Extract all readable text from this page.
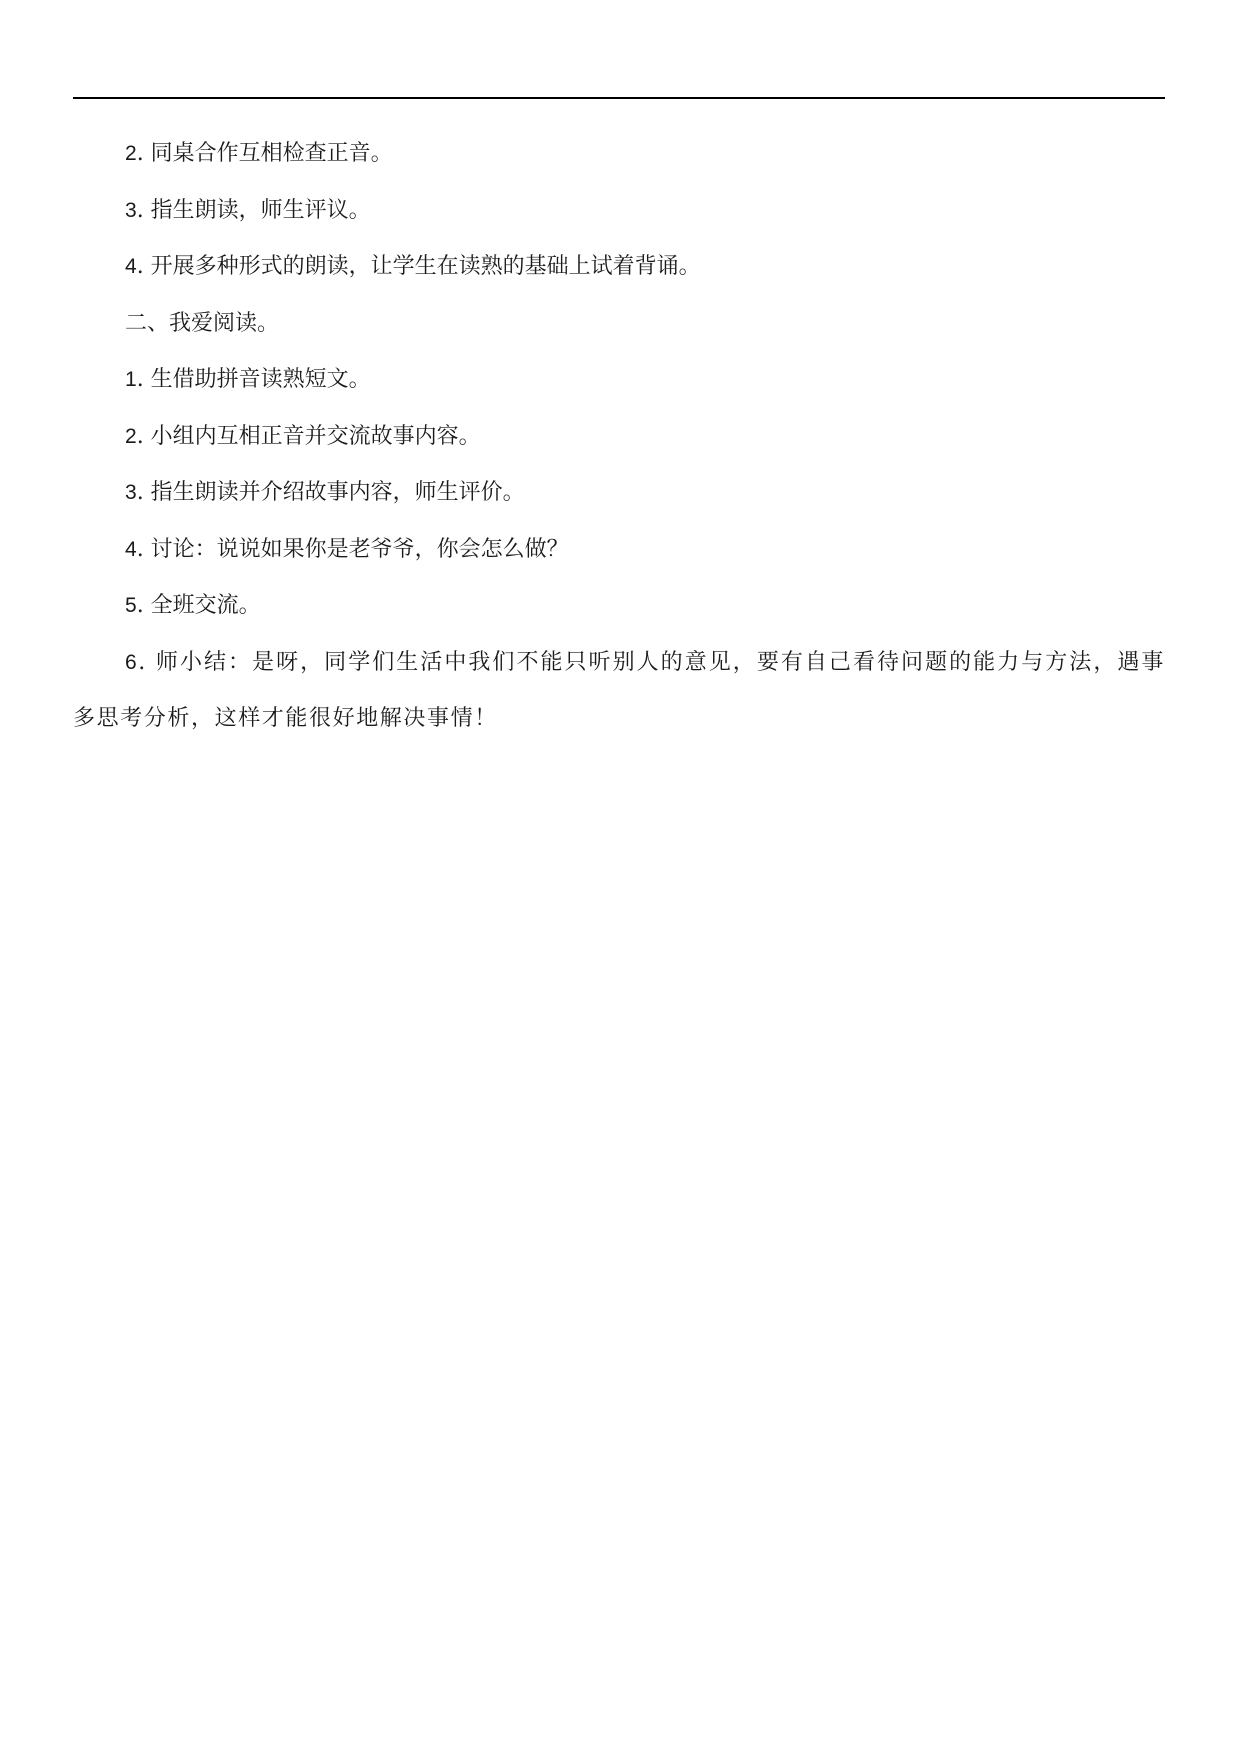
2. 同桌合作互相检查正音。

3. 指生朗读，师生评议。

4. 开展多种形式的朗读，让学生在读熟的基础上试着背诵。

二、我爱阅读。

1. 生借助拼音读熟短文。

2. 小组内互相正音并交流故事内容。

3. 指生朗读并介绍故事内容，师生评价。

4. 讨论：说说如果你是老爷爷，你会怎么做？

5. 全班交流。

6. 师小结：是呀，同学们生活中我们不能只听别人的意见，要有自己看待问题的能力与方法，遇事多思考分析，这样才能很好地解决事情！
